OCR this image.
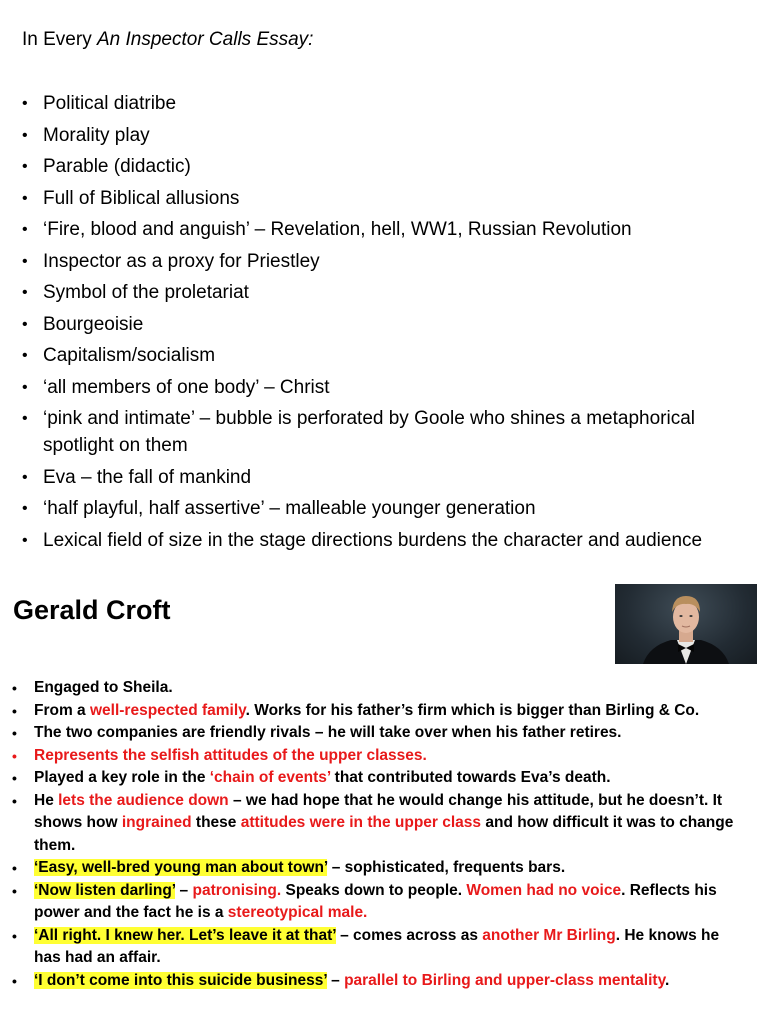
In Every An Inspector Calls Essay:
• Political diatribe
• Morality play
• Parable (didactic)
• Full of Biblical allusions
• ‘Fire, blood and anguish’ – Revelation, hell, WW1, Russian Revolution
• Inspector as a proxy for Priestley
• Symbol of the proletariat
• Bourgeoisie
• Capitalism/socialism
• ‘all members of one body’ – Christ
• ‘pink and intimate’ – bubble is perforated by Goole who shines a metaphorical spotlight on them
• Eva – the fall of mankind
• ‘half playful, half assertive’ – malleable younger generation
• Lexical field of size in the stage directions burdens the character and audience
Gerald Croft
• Engaged to Sheila.
• From a well-respected family. Works for his father’s firm which is bigger than Birling & Co.
• The two companies are friendly rivals – he will take over when his father retires.
• Represents the selfish attitudes of the upper classes.
• Played a key role in the ‘chain of events’ that contributed towards Eva’s death.
• He lets the audience down – we had hope that he would change his attitude, but he doesn’t. It shows how ingrained these attitudes were in the upper class and how difficult it was to change them.
• ‘Easy, well-bred young man about town’ – sophisticated, frequents bars.
• ‘Now listen darling’ – patronising. Speaks down to people. Women had no voice. Reflects his power and the fact he is a stereotypical male.
• ‘All right. I knew her. Let’s leave it at that’ – comes across as another Mr Birling. He knows he has had an affair.
• ‘I don’t come into this suicide business’ – parallel to Birling and upper-class mentality.
